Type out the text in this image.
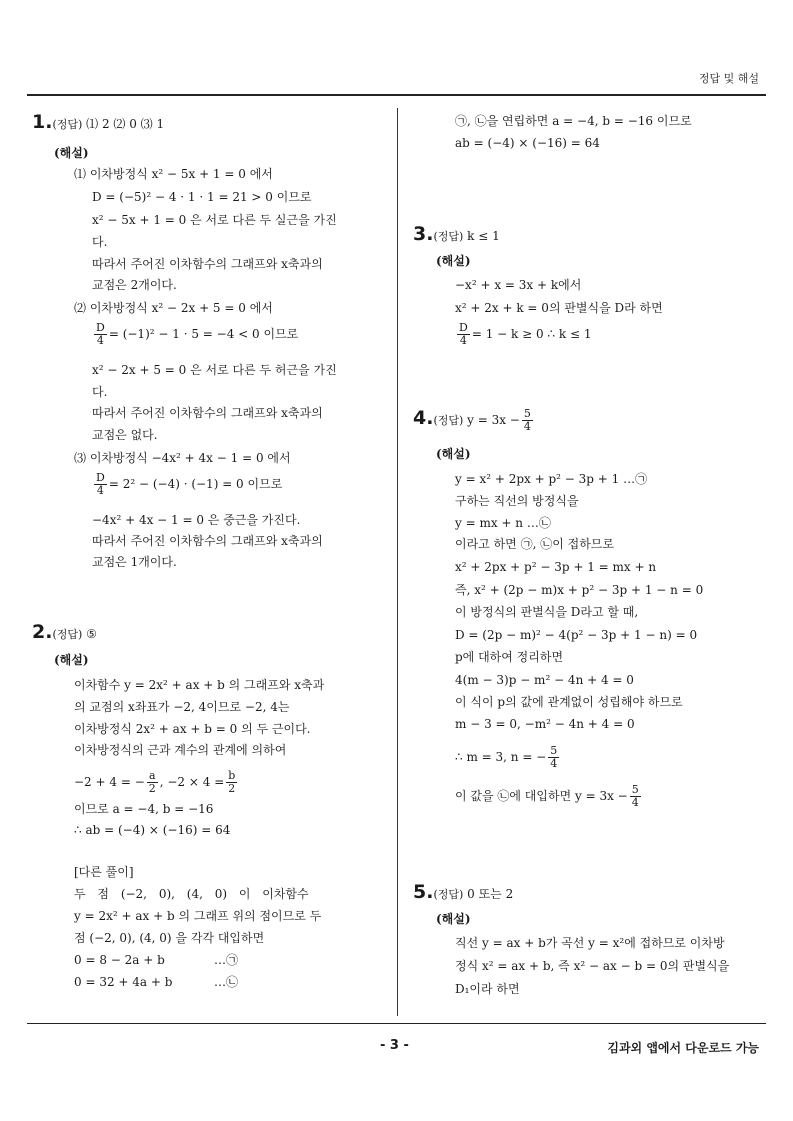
정답 및 해설
- 3 -	김과외 앱에서 다운로드 가능
1.(정답) ⑴ 2 ⑵ 0 ⑶ 1
(해설)
⑴ 이차방정식 x² − 5x + 1 = 0 에서
D = (−5)² − 4 · 1 · 1 = 21 > 0 이므로
x² − 5x + 1 = 0 은 서로 다른 두 실근을 가진
다.
따라서 주어진 이차함수의 그래프와 x축과의
교점은 2개이다.
⑵ 이차방정식 x² − 2x + 5 = 0 에서
$\frac{D}{4} = (-1)^2 - 1 \cdot 5 = -4 < 0$ 이므로
x² − 2x + 5 = 0 은 서로 다른 두 허근을 가진
다.
따라서 주어진 이차함수의 그래프와 x축과의
교점은 없다.
⑶ 이차방정식 −4x² + 4x − 1 = 0 에서
$\frac{D}{4} = 2^2 - (-4) \cdot (-1) = 0$ 이므로
−4x² + 4x − 1 = 0 은 중근을 가진다.
따라서 주어진 이차함수의 그래프와 x축과의
교점은 1개이다.
2.(정답) ⑤
(해설)
이차함수 y = 2x² + ax + b 의 그래프와 x축과
의 교점의 x좌표가 −2, 4이므로 −2, 4는
이차방정식 2x² + ax + b = 0 의 두 근이다.
이차방정식의 근과 계수의 관계에 의하여
−2 + 4 = − $\frac{a}{2}$ , $-2 \times 4 = \frac{b}{2}$
이므로 a = −4, b = −16
∴ ab = (−4) × (−16) = 64
[다른 풀이]
두 점 (−2, 0), (4, 0) 이 이차함수
y = 2x² + ax + b 의 그래프 위의 점이므로 두
점 (−2, 0), (4, 0) 을 각각 대입하면
0 = 8 − 2a + b	…㉠
0 = 32 + 4a + b	…㉡
㉠, ㉡을 연립하면 a = −4, b = −16 이므로
ab = (−4) × (−16) = 64
3.(정답) k ≤ 1
(해설)
−x² + x = 3x + k에서
x² + 2x + k = 0의 판별식을 D라 하면
$\frac{D}{4} = 1 - k \ge 0$ ∴ k ≤ 1
4.(정답) $y = 3x - \frac{5}{4}$
(해설)
y = x² + 2px + p² − 3p + 1 …㉠
구하는 직선의 방정식을
y = mx + n …㉡
이라고 하면 ㉠, ㉡이 접하므로
x² + 2px + p² − 3p + 1 = mx + n
즉, x² + (2p − m)x + p² − 3p + 1 − n = 0
이 방정식의 판별식을 D라고 할 때,
D = (2p − m)² − 4(p² − 3p + 1 − n) = 0
p에 대하여 정리하면
4(m − 3)p − m² − 4n + 4 = 0
이 식이 p의 값에 관계없이 성립해야 하므로
m − 3 = 0, −m² − 4n + 4 = 0
∴ m = 3, n = − $\frac{5}{4}$
이 값을 ㉡에 대입하면 $y = 3x - \frac{5}{4}$
5.(정답) 0 또는 2
(해설)
직선 y = ax + b가 곡선 y = x²에 접하므로 이차방
정식 x² = ax + b, 즉 x² − ax − b = 0의 판별식을
D₁이라 하면
